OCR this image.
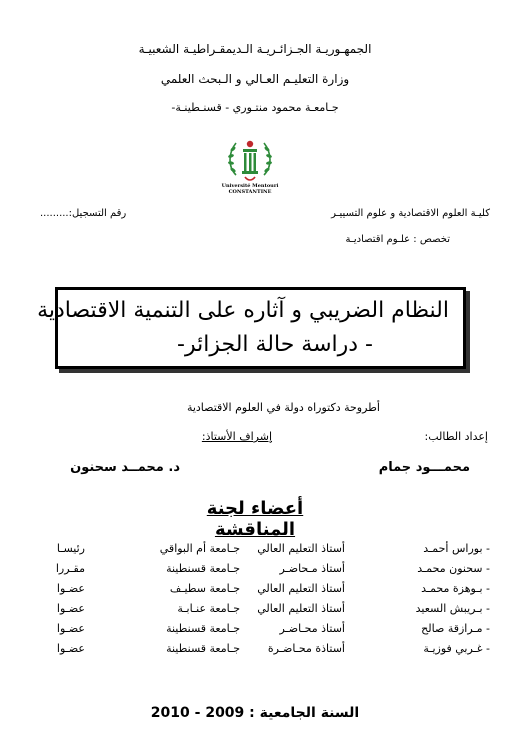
الجمهـوريـة الجـزائـريـة الـديمقـراطيـة الشعبيـة
وزارة التعليـم العـالي و الـبحث العلمي
جـامعـة محمود منتـوري - قسنـطينـة-
Université Mentouri
CONSTANTINE
كليـة العلوم الاقتصادية و علوم التسييـر
رقم التسجيل:.........
تخصص : علـوم اقتصاديـة
النظام الضريبي و آثاره على التنمية الاقتصادية
- دراسة حالة الجزائر-
أطروحة دكتوراه دولة في العلوم الاقتصادية
إعداد الطالب:
إشراف الأستاذ:
محمـــود جمام
د. محمــد سحنون
أعضاء لجنة المناقشة
- بوراس أحمـد
أستاذ التعليم العالي
جـامعة أم البواقي
رئيسـا
- سحنون محمـد
أستاذ مـحاضـر
جـامعة قسنطينة
مقـررا
- بـوهزة محمـد
أستاذ التعليم العالي
جـامعة سطيـف
عضـوا
- بـريبش السعيد
أستاذ التعليم العالي
جـامعة عنـابـة
عضـوا
- مـرازقة صالح
أستاذ محـاضـر
جـامعة قسنطينة
عضـوا
- غـربي فوزيـة
أستاذة محـاضـرة
جـامعة قسنطينة
عضـوا
السنة الجامعية : 2009 - 2010
